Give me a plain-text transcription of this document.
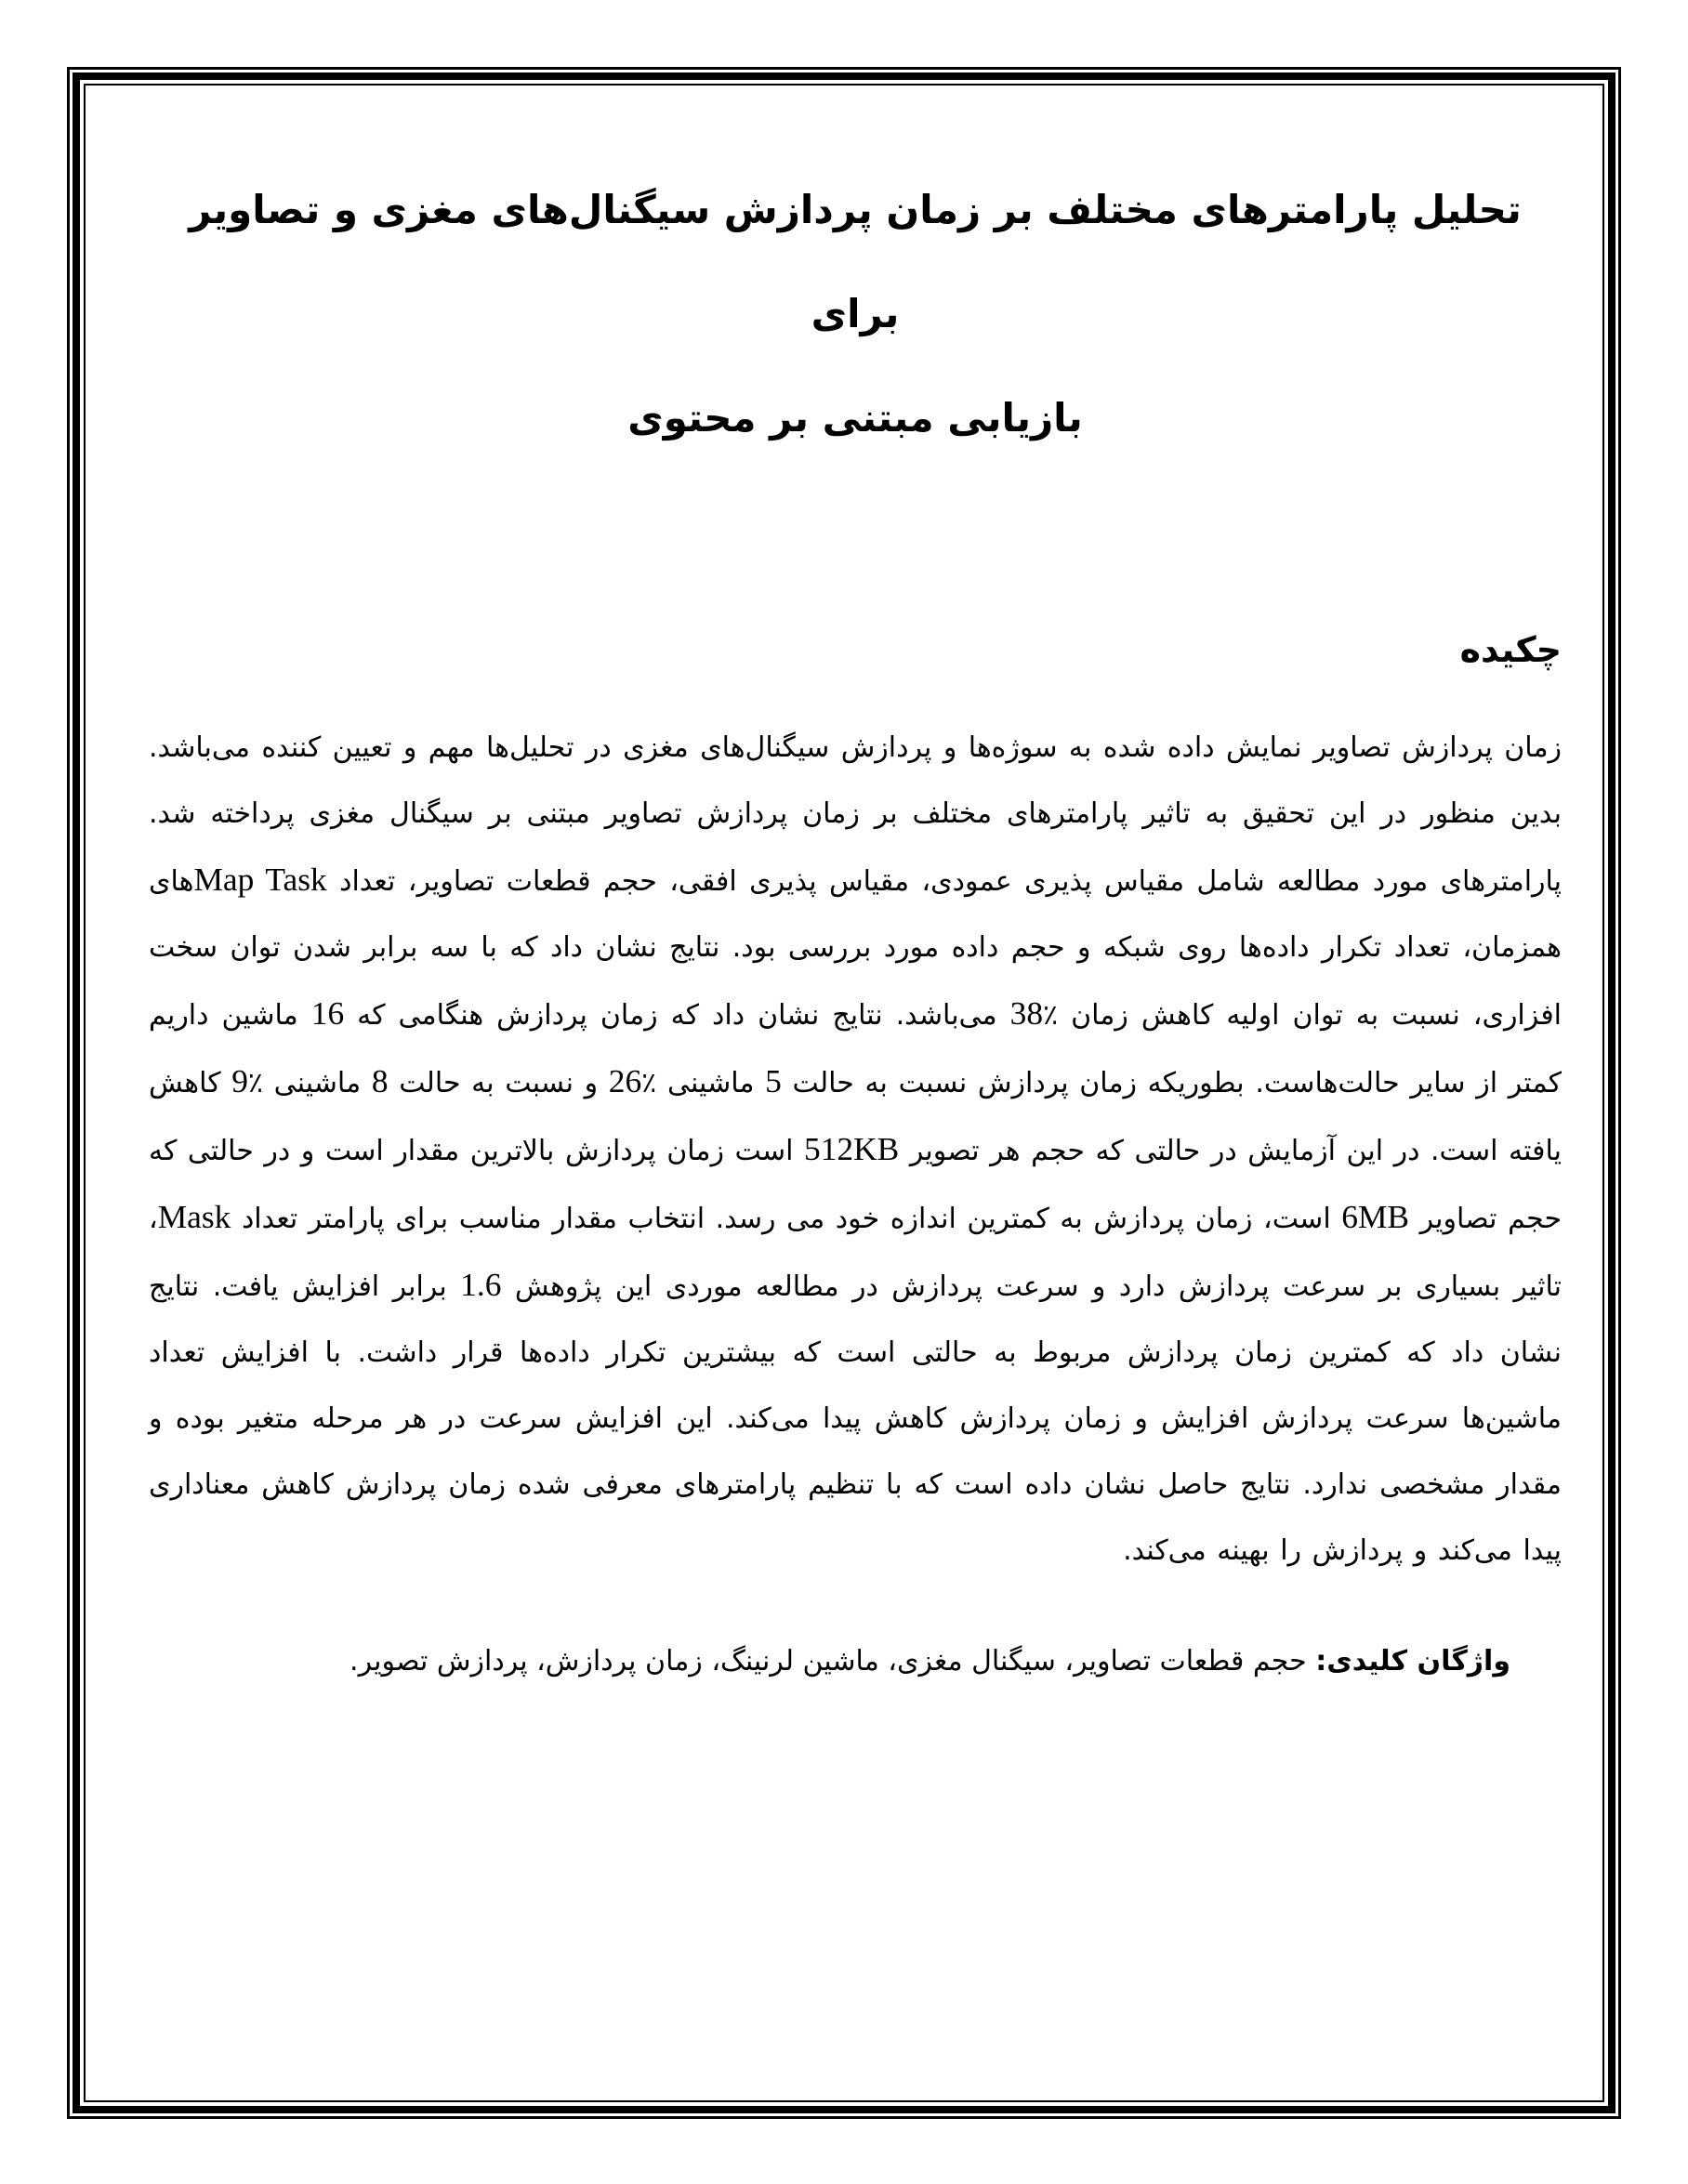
تحلیل پارامترهای مختلف بر زمان پردازش سیگنال‌های مغزی و تصاویر برای
بازیابی مبتنی بر محتوی
چکیده

زمان پردازش تصاویر نمایش داده شده به سوژه‌ها و پردازش سیگنال‌های مغزی در تحلیل‌ها مهم و تعیین کننده می‌باشد. بدین منظور در این تحقیق به تاثیر پارامترهای مختلف بر زمان پردازش تصاویر مبتنی بر سیگنال مغزی پرداخته شد. پارامترهای مورد مطالعه شامل مقیاس پذیری عمودی، مقیاس پذیری افقی، حجم قطعات تصاویر، تعداد Map Taskهای همزمان، تعداد تکرار داده‌ها روی شبکه و حجم داده مورد بررسی بود. نتایج نشان داد که با سه برابر شدن توان سخت افزاری، نسبت به توان اولیه کاهش زمان ٪38 می‌باشد. نتایج نشان داد که زمان پردازش هنگامی که 16 ماشین داریم کمتر از سایر حالت‌هاست. بطوریکه زمان پردازش نسبت به حالت 5 ماشینی ٪26 و نسبت به حالت 8 ماشینی ٪9 کاهش یافته است. در این آزمایش در حالتی که حجم هر تصویر 512KB است زمان پردازش بالاترین مقدار است و در حالتی که حجم تصاویر 6MB است، زمان پردازش به کمترین اندازه خود می رسد. انتخاب مقدار مناسب برای پارامتر تعداد Mask، تاثیر بسیاری بر سرعت پردازش دارد و سرعت پردازش در مطالعه موردی این پژوهش 1.6 برابر افزایش یافت. نتایج نشان داد که کمترین زمان پردازش مربوط به حالتی است که بیشترین تکرار داده‌ها قرار داشت. با افزایش تعداد ماشین‌ها سرعت پردازش افزایش و زمان پردازش کاهش پیدا می‌کند. این افزایش سرعت در هر مرحله متغیر بوده و مقدار مشخصی ندارد. نتایج حاصل نشان داده است که با تنظیم پارامترهای معرفی شده زمان پردازش کاهش معناداری پیدا می‌کند و پردازش را بهینه می‌کند.

واژگان کلیدی: حجم قطعات تصاویر، سیگنال مغزی، ماشین لرنینگ، زمان پردازش، پردازش تصویر.
